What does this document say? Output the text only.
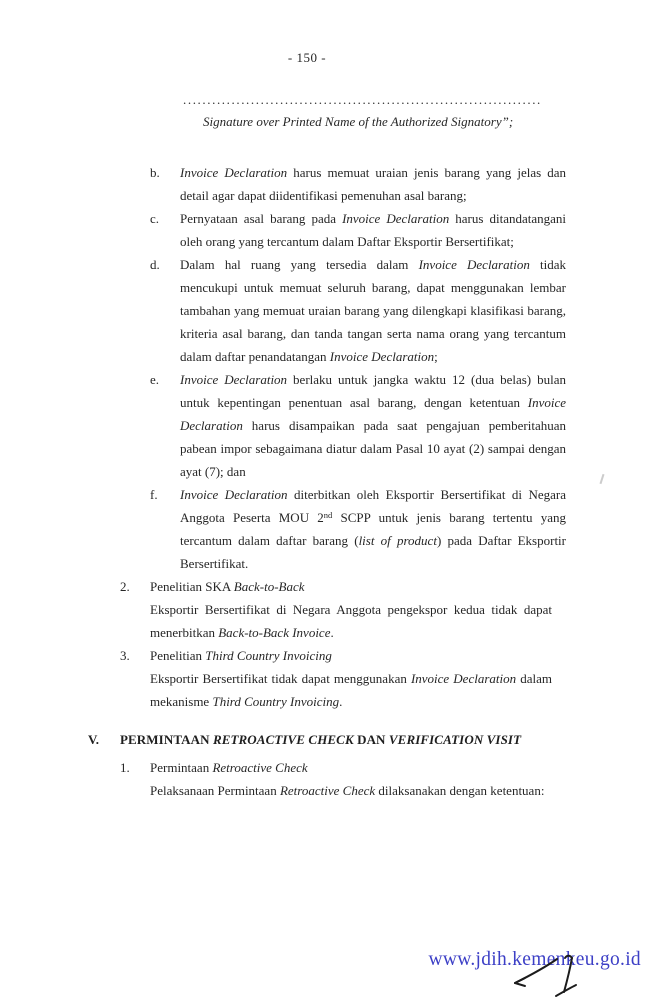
- 150 -
..........................................................................
Signature over Printed Name of the Authorized Signatory”;
b.	Invoice Declaration harus memuat uraian jenis barang yang jelas dan detail agar dapat diidentifikasi pemenuhan asal barang;
c.	Pernyataan asal barang pada Invoice Declaration harus ditandatangani oleh orang yang tercantum dalam Daftar Eksportir Bersertifikat;
d.	Dalam hal ruang yang tersedia dalam Invoice Declaration tidak mencukupi untuk memuat seluruh barang, dapat menggunakan lembar tambahan yang memuat uraian barang yang dilengkapi klasifikasi barang, kriteria asal barang, dan tanda tangan serta nama orang yang tercantum dalam daftar penandatangan Invoice Declaration;
e.	Invoice Declaration berlaku untuk jangka waktu 12 (dua belas) bulan untuk kepentingan penentuan asal barang, dengan ketentuan Invoice Declaration harus disampaikan pada saat pengajuan pemberitahuan pabean impor sebagaimana diatur dalam Pasal 10 ayat (2) sampai dengan ayat (7); dan
f.	Invoice Declaration diterbitkan oleh Eksportir Bersertifikat di Negara Anggota Peserta MOU 2nd SCPP untuk jenis barang tertentu yang tercantum dalam daftar barang (list of product) pada Daftar Eksportir Bersertifikat.
2.	Penelitian SKA Back-to-Back
Eksportir Bersertifikat di Negara Anggota pengekspor kedua tidak dapat menerbitkan Back-to-Back Invoice.
3.	Penelitian Third Country Invoicing
Eksportir Bersertifikat tidak dapat menggunakan Invoice Declaration dalam mekanisme Third Country Invoicing.
V.	PERMINTAAN RETROACTIVE CHECK DAN VERIFICATION VISIT
1.	Permintaan Retroactive Check
Pelaksanaan Permintaan Retroactive Check dilaksanakan dengan ketentuan:
www.jdih.kemenkeu.go.id
